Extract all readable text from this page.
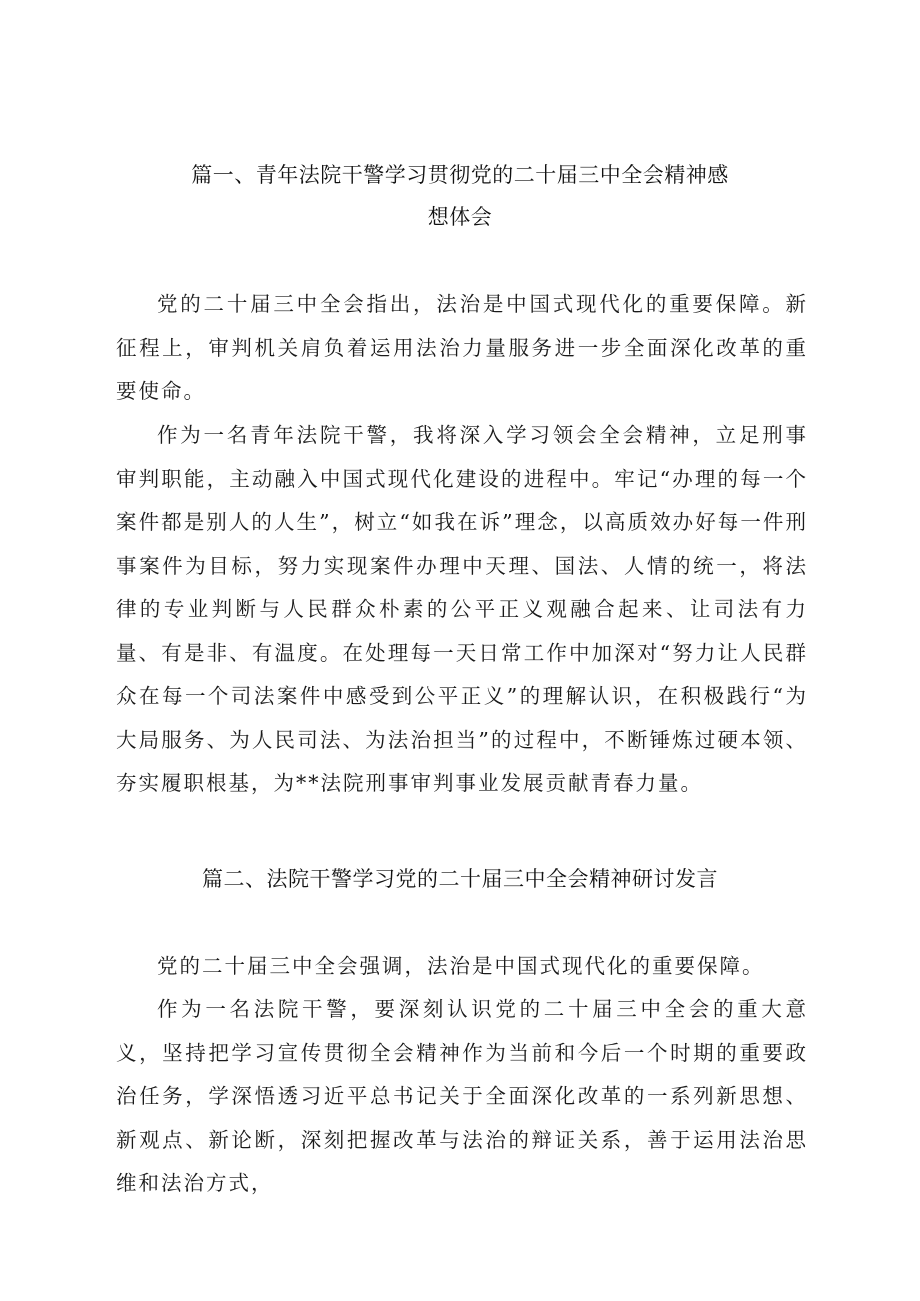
篇一、青年法院干警学习贯彻党的二十届三中全会精神感
想体会

党的二十届三中全会指出，法治是中国式现代化的重要保障。新征程上，审判机关肩负着运用法治力量服务进一步全面深化改革的重要使命。

作为一名青年法院干警，我将深入学习领会全会精神，立足刑事审判职能，主动融入中国式现代化建设的进程中。牢记“办理的每一个案件都是别人的人生”，树立“如我在诉”理念，以高质效办好每一件刑事案件为目标，努力实现案件办理中天理、国法、人情的统一，将法律的专业判断与人民群众朴素的公平正义观融合起来、让司法有力量、有是非、有温度。在处理每一天日常工作中加深对“努力让人民群众在每一个司法案件中感受到公平正义”的理解认识，在积极践行“为大局服务、为人民司法、为法治担当”的过程中，不断锤炼过硬本领、夯实履职根基，为**法院刑事审判事业发展贡献青春力量。

篇二、法院干警学习党的二十届三中全会精神研讨发言

党的二十届三中全会强调，法治是中国式现代化的重要保障。

作为一名法院干警，要深刻认识党的二十届三中全会的重大意义，坚持把学习宣传贯彻全会精神作为当前和今后一个时期的重要政治任务，学深悟透习近平总书记关于全面深化改革的一系列新思想、新观点、新论断，深刻把握改革与法治的辩证关系，善于运用法治思维和法治方式，
